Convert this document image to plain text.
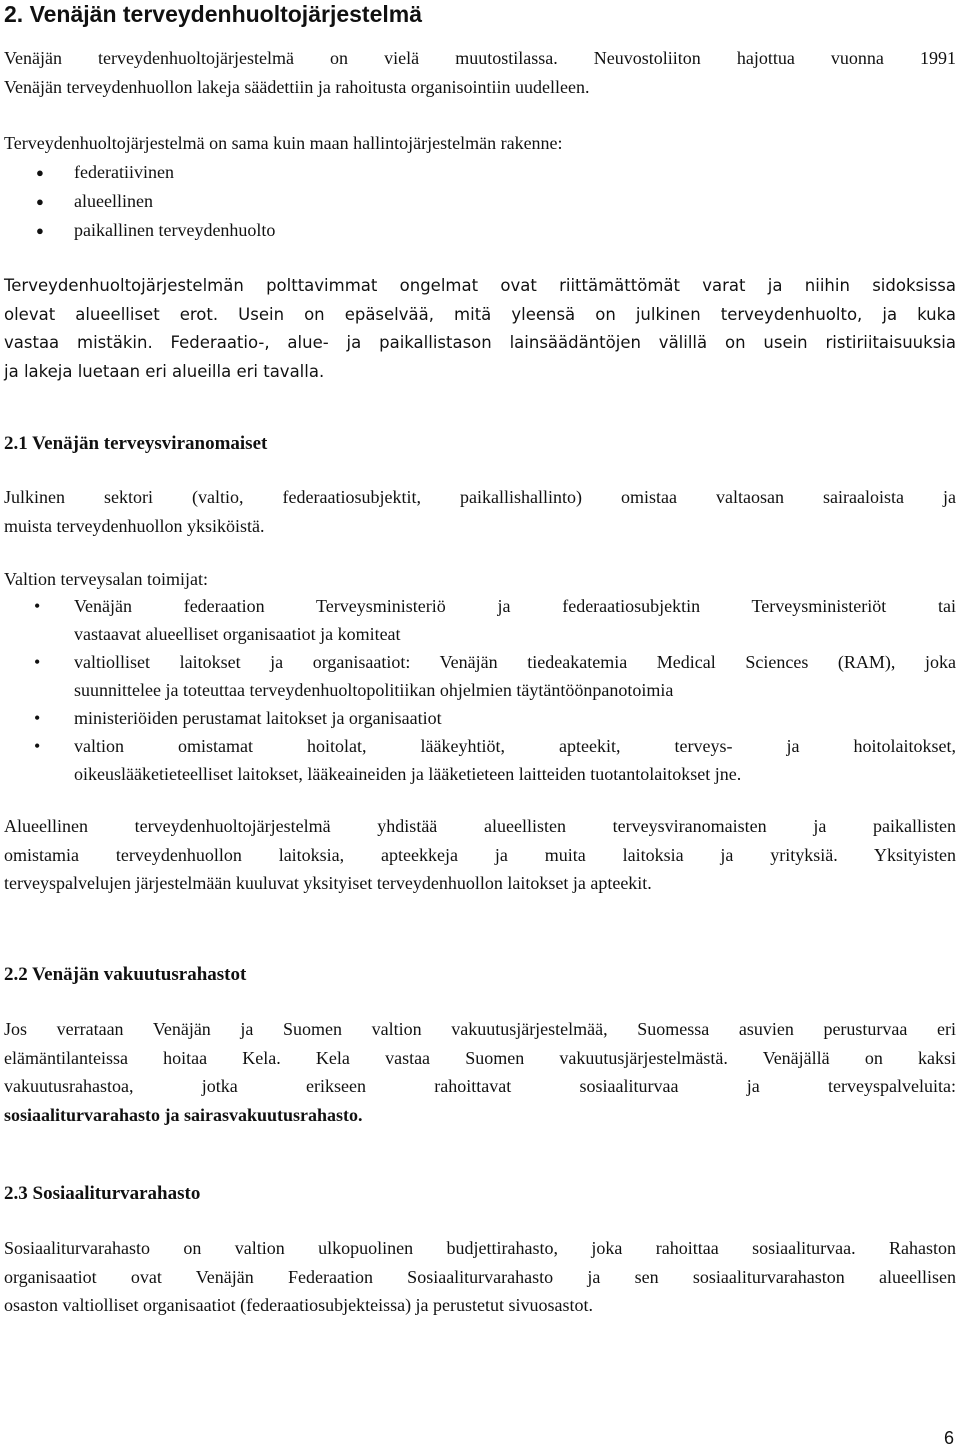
2. Venäjän terveydenhuoltojärjestelmä
Venäjän terveydenhuoltojärjestelmä on vielä muutostilassa. Neuvostoliiton hajottua vuonna 1991
Venäjän terveydenhuollon lakeja säädettiin ja rahoitusta organisointiin uudelleen.
Terveydenhuoltojärjestelmä on sama kuin maan hallintojärjestelmän rakenne:
● federatiivinen
● alueellinen
● paikallinen terveydenhuolto
Terveydenhuoltojärjestelmän polttavimmat ongelmat ovat riittämättömät varat ja niihin sidoksissa
olevat alueelliset erot. Usein on epäselvää, mitä yleensä on julkinen terveydenhuolto, ja kuka
vastaa mistäkin. Federaatio-, alue- ja paikallistason lainsäädäntöjen välillä on usein ristiriitaisuuksia
ja lakeja luetaan eri alueilla eri tavalla.
2.1 Venäjän terveysviranomaiset
Julkinen sektori (valtio, federaatiosubjektit, paikallishallinto) omistaa valtaosan sairaaloista ja
muista terveydenhuollon yksiköistä.
Valtion terveysalan toimijat:
• Venäjän federaation Terveysministeriö ja federaatiosubjektin Terveysministeriöt tai
vastaavat alueelliset organisaatiot ja komiteat
• valtiolliset laitokset ja organisaatiot: Venäjän tiedeakatemia Medical Sciences (RAM), joka
suunnittelee ja toteuttaa terveydenhuoltopolitiikan ohjelmien täytäntöönpanotoimia
• ministeriöiden perustamat laitokset ja organisaatiot
• valtion omistamat hoitolat, lääkeyhtiöt, apteekit, terveys- ja hoitolaitokset,
oikeuslääketieteelliset laitokset, lääkeaineiden ja lääketieteen laitteiden tuotantolaitokset jne.
Alueellinen terveydenhuoltojärjestelmä yhdistää alueellisten terveysviranomaisten ja paikallisten
omistamia terveydenhuollon laitoksia, apteekkeja ja muita laitoksia ja yrityksiä. Yksityisten
terveyspalvelujen järjestelmään kuuluvat yksityiset terveydenhuollon laitokset ja apteekit.
2.2 Venäjän vakuutusrahastot
Jos verrataan Venäjän ja Suomen valtion vakuutusjärjestelmää, Suomessa asuvien perusturvaa eri
elämäntilanteissa hoitaa Kela. Kela vastaa Suomen vakuutusjärjestelmästä. Venäjällä on kaksi
vakuutusrahastoa, jotka erikseen rahoittavat sosiaaliturvaa ja terveyspalveluita:
sosiaaliturvarahasto ja sairasvakuutusrahasto.
2.3 Sosiaaliturvarahasto
Sosiaaliturvarahasto on valtion ulkopuolinen budjettirahasto, joka rahoittaa sosiaaliturvaa. Rahaston
organisaatiot ovat Venäjän Federaation Sosiaaliturvarahasto ja sen sosiaaliturvarahaston alueellisen
osaston valtiolliset organisaatiot (federaatiosubjekteissa) ja perustetut sivuosastot.
6
